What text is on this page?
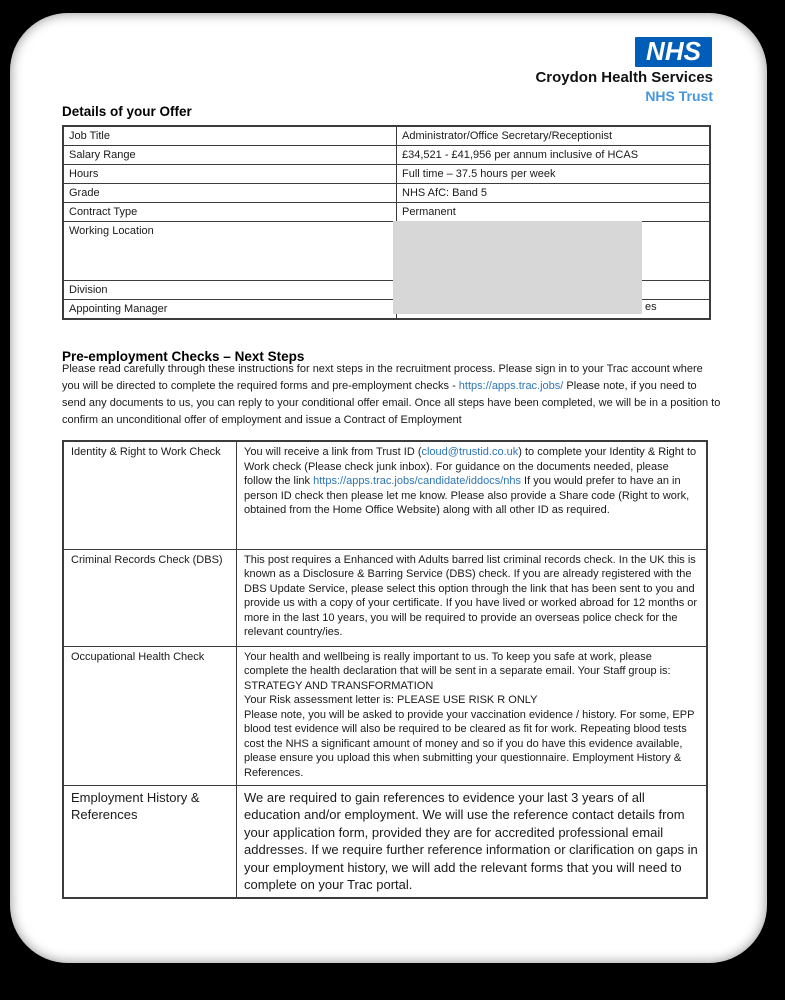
NHS
Croydon Health Services
NHS Trust
Details of your Offer
Job Title	Administrator/Office Secretary/Receptionist
Salary Range	£34,521 - £41,956 per annum inclusive of HCAS
Hours	Full time – 37.5 hours per week
Grade	NHS AfC: Band 5
Contract Type	Permanent
Working Location	
Division	
Appointing Manager		es
Pre-employment Checks – Next Steps
Please read carefully through these instructions for next steps in the recruitment process. Please sign in to your Trac account where you will be directed to complete the required forms and pre-employment checks - https://apps.trac.jobs/ Please note, if you need to send any documents to us, you can reply to your conditional offer email. Once all steps have been completed, we will be in a position to confirm an unconditional offer of employment and issue a Contract of Employment
Identity & Right to Work Check	You will receive a link from Trust ID (cloud@trustid.co.uk) to complete your Identity & Right to Work check (Please check junk inbox). For guidance on the documents needed, please follow the link https://apps.trac.jobs/candidate/iddocs/nhs If you would prefer to have an in person ID check then please let me know. Please also provide a Share code (Right to work, obtained from the Home Office Website) along with all other ID as required.
Criminal Records Check (DBS)	This post requires a Enhanced with Adults barred list criminal records check. In the UK this is known as a Disclosure & Barring Service (DBS) check. If you are already registered with the DBS Update Service, please select this option through the link that has been sent to you and provide us with a copy of your certificate. If you have lived or worked abroad for 12 months or more in the last 10 years, you will be required to provide an overseas police check for the relevant country/ies.
Occupational Health Check	Your health and wellbeing is really important to us. To keep you safe at work, please complete the health declaration that will be sent in a separate email. Your Staff group is: STRATEGY AND TRANSFORMATION

Your Risk assessment letter is: PLEASE USE RISK R ONLY

Please note, you will be asked to provide your vaccination evidence / history. For some, EPP blood test evidence will also be required to be cleared as fit for work. Repeating blood tests cost the NHS a significant amount of money and so if you do have this evidence available, please ensure you upload this when submitting your questionnaire. Employment History & References.

Employment History & References	We are required to gain references to evidence your last 3 years of all education and/or employment. We will use the reference contact details from your application form, provided they are for accredited professional email addresses. If we require further reference information or clarification on gaps in your employment history, we will add the relevant forms that you will need to complete on your Trac portal.
